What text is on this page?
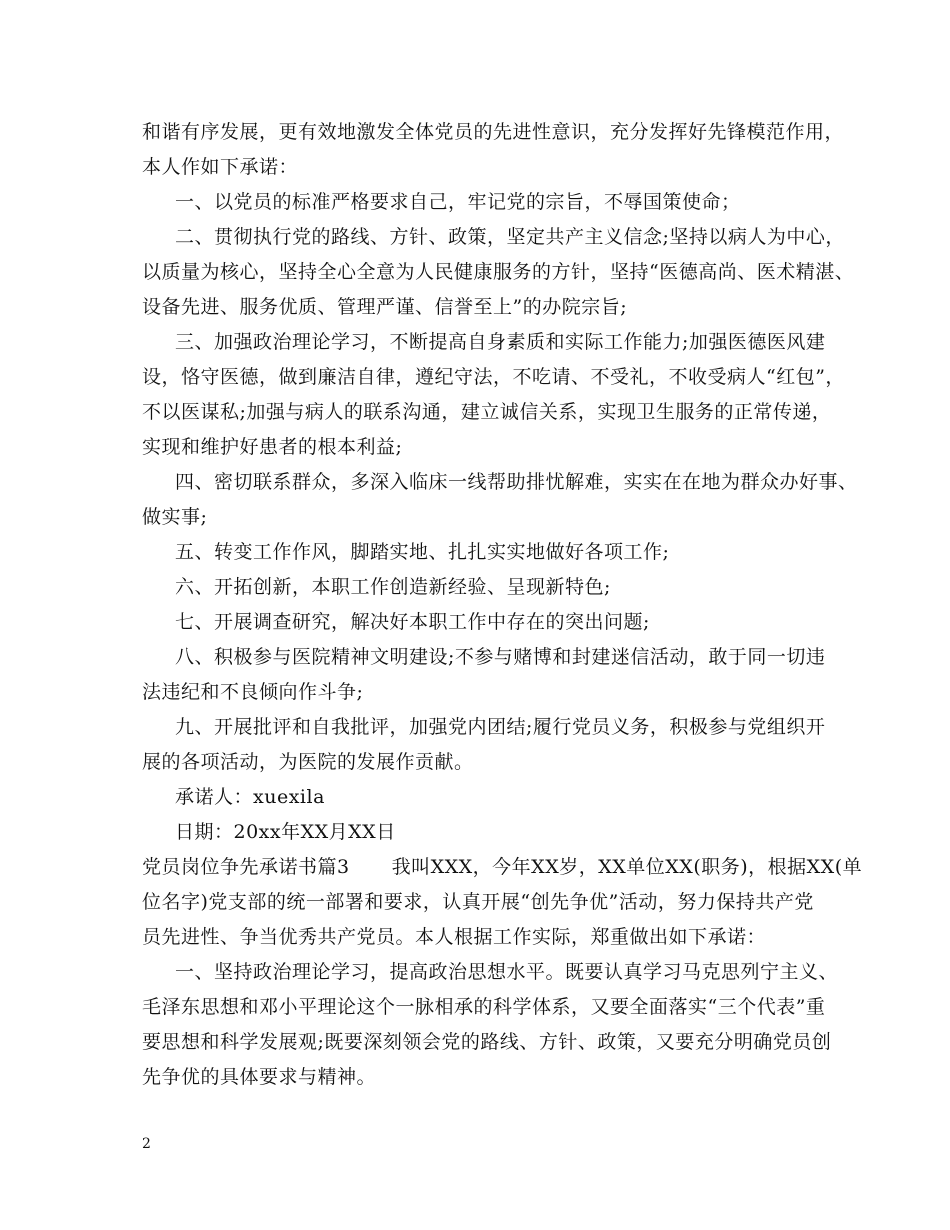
和谐有序发展，更有效地激发全体党员的先进性意识，充分发挥好先锋模范作用，
本人作如下承诺：
一、以党员的标准严格要求自己，牢记党的宗旨，不辱国策使命；
二、贯彻执行党的路线、方针、政策，坚定共产主义信念;坚持以病人为中心，
以质量为核心，坚持全心全意为人民健康服务的方针，坚持“医德高尚、医术精湛、
设备先进、服务优质、管理严谨、信誉至上”的办院宗旨;
三、加强政治理论学习，不断提高自身素质和实际工作能力;加强医德医风建
设，恪守医德，做到廉洁自律，遵纪守法，不吃请、不受礼，不收受病人“红包”，
不以医谋私;加强与病人的联系沟通，建立诚信关系，实现卫生服务的正常传递，
实现和维护好患者的根本利益;
四、密切联系群众，多深入临床一线帮助排忧解难，实实在在地为群众办好事、
做实事;
五、转变工作作风，脚踏实地、扎扎实实地做好各项工作;
六、开拓创新，本职工作创造新经验、呈现新特色;
七、开展调查研究，解决好本职工作中存在的突出问题;
八、积极参与医院精神文明建设;不参与赌博和封建迷信活动，敢于同一切违
法违纪和不良倾向作斗争;
九、开展批评和自我批评，加强党内团结;履行党员义务，积极参与党组织开
展的各项活动，为医院的发展作贡献。
承诺人：xuexila
日期：20xx年XX月XX日
党员岗位争先承诺书篇3 我叫XXX，今年XX岁，XX单位XX(职务)，根据XX(单
位名字)党支部的统一部署和要求，认真开展“创先争优”活动，努力保持共产党
员先进性、争当优秀共产党员。本人根据工作实际，郑重做出如下承诺：
一、坚持政治理论学习，提高政治思想水平。既要认真学习马克思列宁主义、
毛泽东思想和邓小平理论这个一脉相承的科学体系，又要全面落实“三个代表”重
要思想和科学发展观;既要深刻领会党的路线、方针、政策，又要充分明确党员创
先争优的具体要求与精神。
2
